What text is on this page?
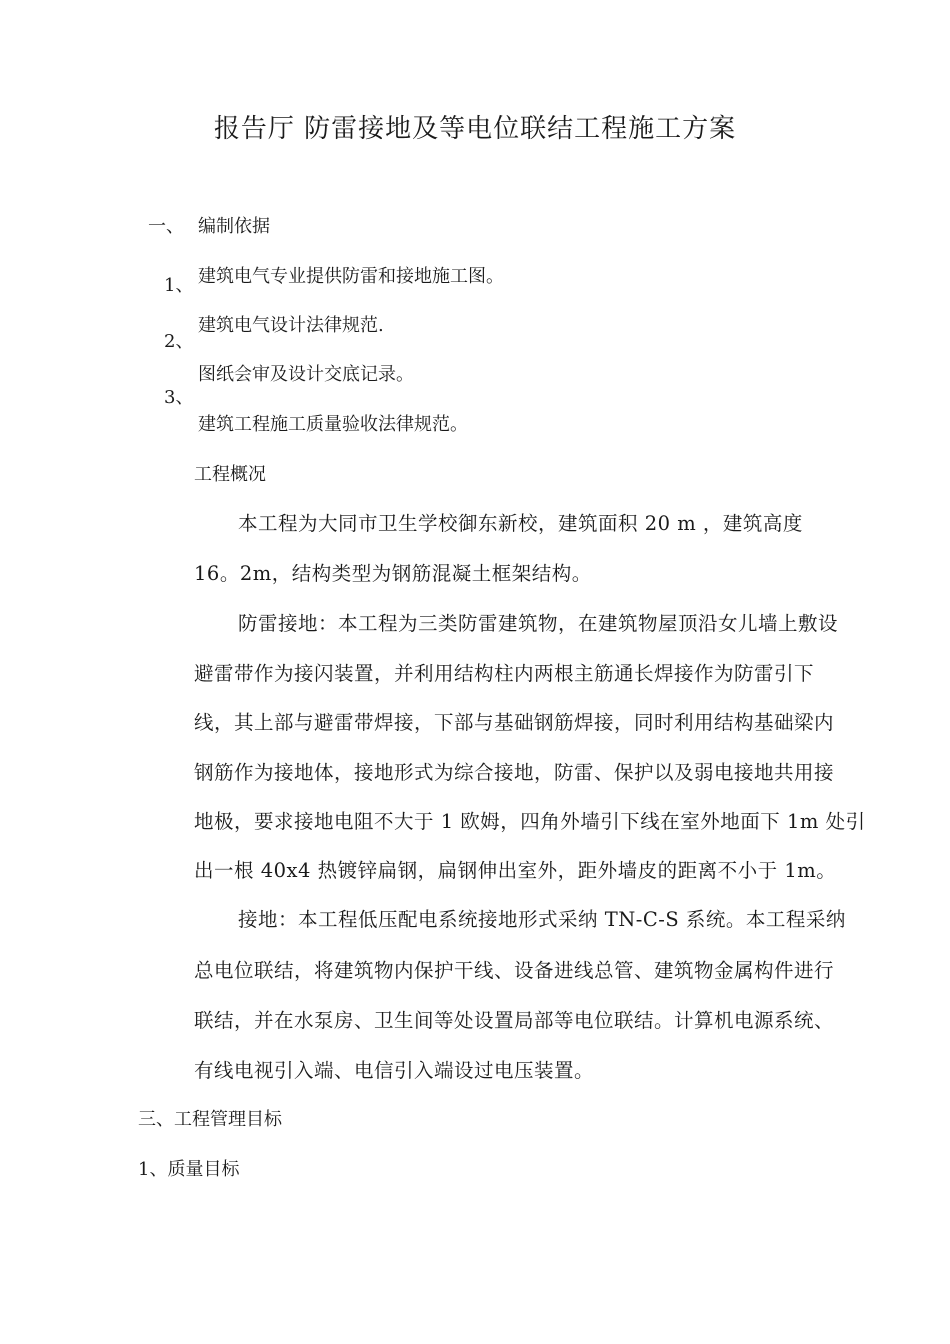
报告厅 防雷接地及等电位联结工程施工方案
一、 编制依据
1、 建筑电气专业提供防雷和接地施工图。
2、
建筑电气设计法律规范.
3、
图纸会审及设计交底记录。
建筑工程施工质量验收法律规范。
工程概况
本工程为大同市卫生学校御东新校，建筑面积 20 m ，建筑高度
16。2m，结构类型为钢筋混凝土框架结构。
防雷接地：本工程为三类防雷建筑物，在建筑物屋顶沿女儿墙上敷设
避雷带作为接闪装置，并利用结构柱内两根主筋通长焊接作为防雷引下
线，其上部与避雷带焊接，下部与基础钢筋焊接，同时利用结构基础梁内
钢筋作为接地体，接地形式为综合接地，防雷、保护以及弱电接地共用接
地极，要求接地电阻不大于 1 欧姆，四角外墙引下线在室外地面下 1m 处引
出一根 40x4 热镀锌扁钢，扁钢伸出室外，距外墙皮的距离不小于 1m。
接地：本工程低压配电系统接地形式采纳 TN-C-S 系统。本工程采纳
总电位联结，将建筑物内保护干线、设备进线总管、建筑物金属构件进行
联结，并在水泵房、卫生间等处设置局部等电位联结。计算机电源系统、
有线电视引入端、电信引入端设过电压装置。
三、工程管理目标
1、质量目标
